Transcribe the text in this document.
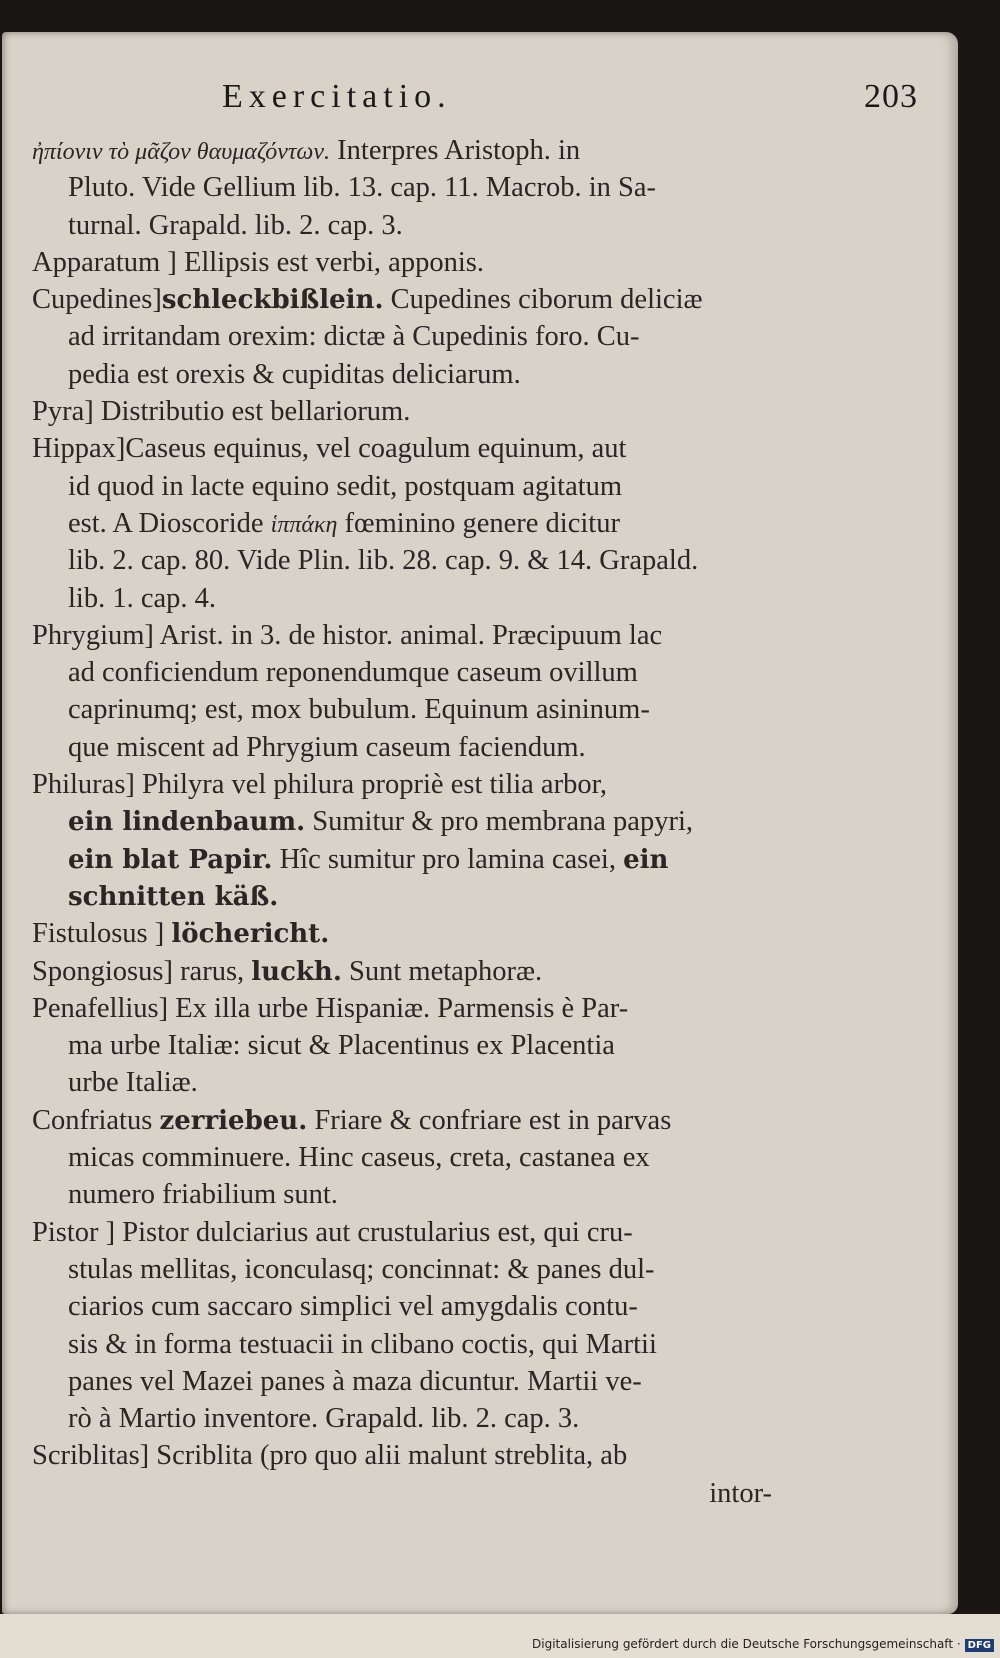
Exercitatio.	203
ἠπίονιν τὸ μᾶζον θαυμαζόντων. Interpres Aristoph. in
Pluto. Vide Gellium lib. 13. cap. 11. Macrob. in Sa-
turnal. Grapald. lib. 2. cap. 3.
Apparatum ] Ellipsis est verbi, apponis.
Cupedines]schleckbißlein. Cupedines ciborum deliciæ
ad irritandam orexim: dictæ à Cupedinis foro. Cu-
pedia est orexis & cupiditas deliciarum.
Pyra] Distributio est bellariorum.
Hippax]Caseus equinus, vel coagulum equinum, aut
id quod in lacte equino sedit, postquam agitatum
est. A Dioscoride ἱππάκη fœminino genere dicitur
lib. 2. cap. 80. Vide Plin. lib. 28. cap. 9. & 14. Grapald.
lib. 1. cap. 4.
Phrygium] Arist. in 3. de histor. animal. Præcipuum lac
ad conficiendum reponendumque caseum ovillum
caprinumq; est, mox bubulum. Equinum asininum-
que miscent ad Phrygium caseum faciendum.
Philuras] Philyra vel philura propriè est tilia arbor,
ein lindenbaum. Sumitur & pro membrana papyri,
ein blat Papir. Hîc sumitur pro lamina casei, ein
schnitten käß.
Fistulosus ] löchericht.
Spongiosus] rarus, luckh. Sunt metaphoræ.
Penafellius] Ex illa urbe Hispaniæ. Parmensis è Par-
ma urbe Italiæ: sicut & Placentinus ex Placentia
urbe Italiæ.
Confriatus zerriebeu. Friare & confriare est in parvas
micas comminuere. Hinc caseus, creta, castanea ex
numero friabilium sunt.
Pistor ] Pistor dulciarius aut crustularius est, qui cru-
stulas mellitas, iconculasq; concinnat: & panes dul-
ciarios cum saccaro simplici vel amygdalis contu-
sis & in forma testuacii in clibano coctis, qui Martii
panes vel Mazei panes à maza dicuntur. Martii ve-
rò à Martio inventore. Grapald. lib. 2. cap. 3.
Scriblitas] Scriblita (pro quo alii malunt streblita, ab
intor-
Digitalisierung gefördert durch die Deutsche Forschungsgemeinschaft · DFG
